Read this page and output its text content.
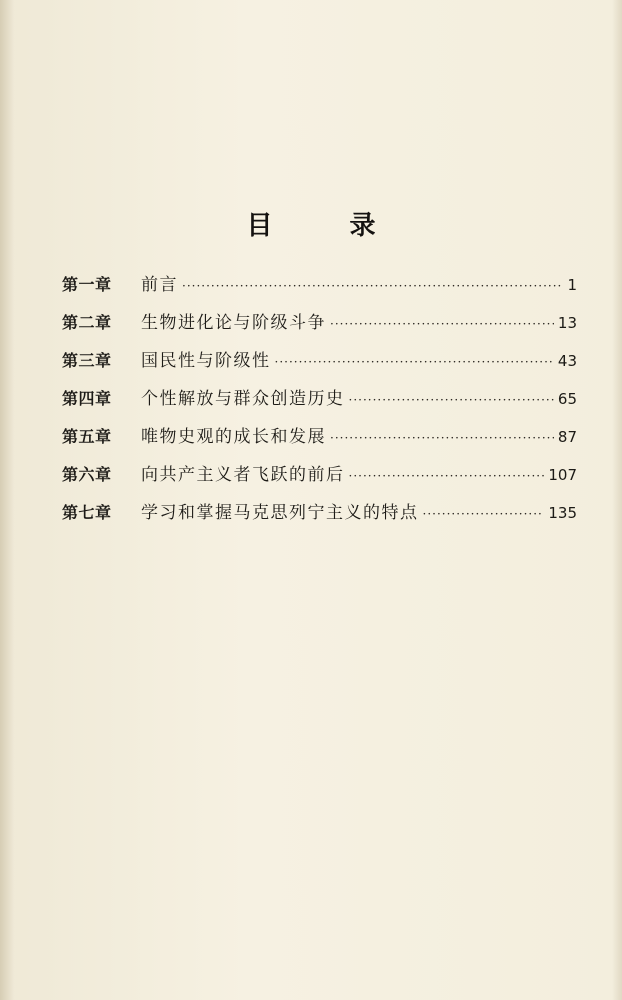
目 录
第一章	前言 ·····	1
第二章	生物进化论与阶级斗争 ·····	13
第三章	国民性与阶级性 ·····	43
第四章	个性解放与群众创造历史 ·····	65
第五章	唯物史观的成长和发展 ·····	87
第六章	向共产主义者飞跃的前后 ·····	107
第七章	学习和掌握马克思列宁主义的特点 ·····	135
